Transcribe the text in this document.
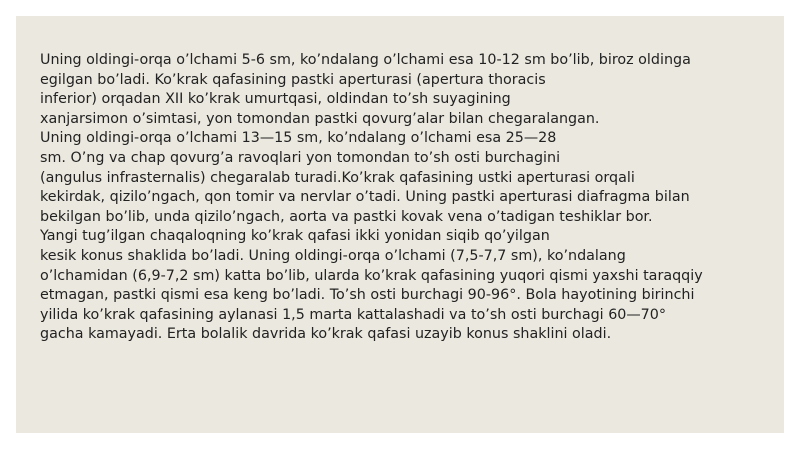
Uning oldingi-orqa o’lchami 5-6 sm, ko’ndalang o’lchami esa 10-12 sm bo’lib, biroz oldinga
egilgan bo’ladi. Ko’krak qafasining pastki aperturasi (apertura thoracis
inferior) orqadan XII ko’krak umurtqasi, oldindan to’sh suyagining
xanjarsimon o’simtasi, yon tomondan pastki qovurg’alar bilan chegaralangan.
Uning oldingi-orqa o’lchami 13—15 sm, ko’ndalang o’lchami esa 25—28
sm. O’ng va chap qovurg’a ravoqlari yon tomondan to’sh osti burchagini
(angulus infrasternalis) chegaralab turadi.Ko’krak qafasining ustki aperturasi orqali
kekirdak, qizilo’ngach, qon tomir va nervlar o’tadi. Uning pastki aperturasi diafragma bilan
bekilgan bo’lib, unda qizilo’ngach, aorta va pastki kovak vena o’tadigan teshiklar bor.
Yangi tug’ilgan chaqaloqning ko’krak qafasi ikki yonidan siqib qo’yilgan
kesik konus shaklida bo’ladi. Uning oldingi-orqa o’lchami (7,5-7,7 sm), ko’ndalang
o’lchamidan (6,9-7,2 sm) katta bo’lib, ularda ko’krak qafasining yuqori qismi yaxshi taraqqiy
etmagan, pastki qismi esa keng bo’ladi. To’sh osti burchagi 90-96°. Bola hayotining birinchi
yilida ko’krak qafasining aylanasi 1,5 marta kattalashadi va to’sh osti burchagi 60—70°
gacha kamayadi. Erta bolalik davrida ko’krak qafasi uzayib konus shaklini oladi.
